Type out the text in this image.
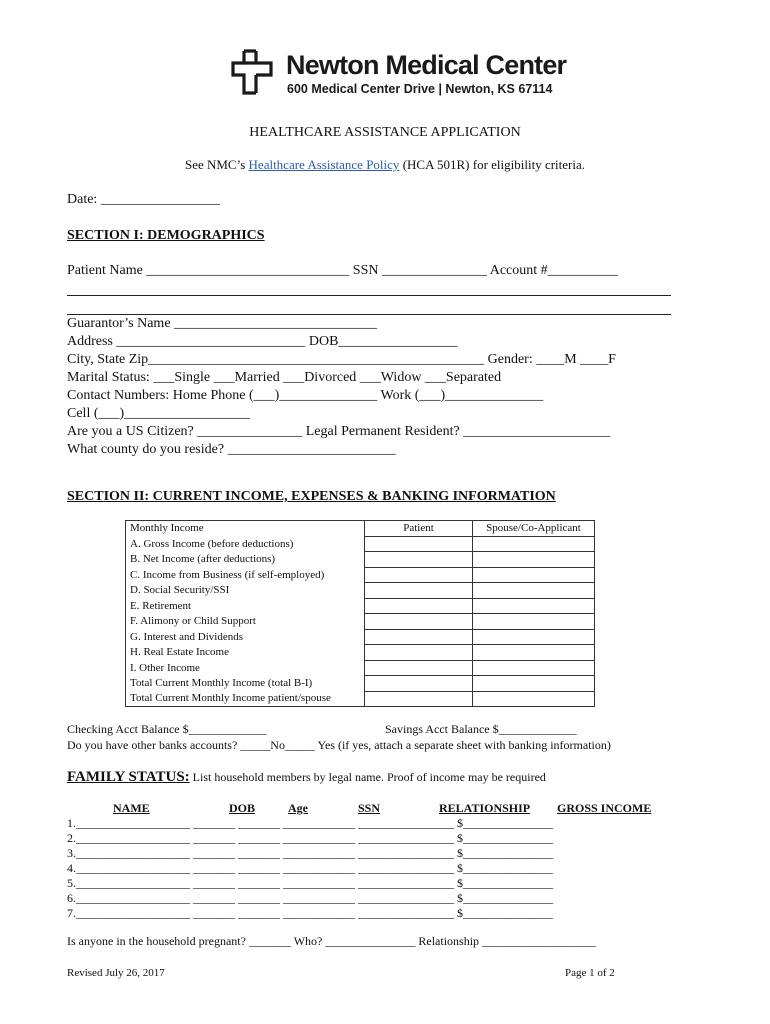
Newton Medical Center
600 Medical Center Drive | Newton, KS 67114
HEALTHCARE ASSISTANCE APPLICATION
See NMC’s Healthcare Assistance Policy (HCA 501R) for eligibility criteria.
Date: _________________
SECTION I: DEMOGRAPHICS
Patient Name _____________________________ SSN _______________ Account #__________
Guarantor’s Name _____________________________
Address ___________________________ DOB_________________
City, State Zip________________________________________________ Gender: ____M ____F
Marital Status: ___Single ___Married ___Divorced ___Widow ___Separated
Contact Numbers: Home Phone (___)______________ Work (___)______________
Cell (___)__________________
Are you a US Citizen? _______________ Legal Permanent Resident? _____________________
What county do you reside? ________________________
SECTION II: CURRENT INCOME, EXPENSES & BANKING INFORMATION
Monthly Income	Patient	Spouse/Co-Applicant
A. Gross Income (before deductions)		
B. Net Income (after deductions)		
C. Income from Business (if self-employed)		
D. Social Security/SSI		
E. Retirement		
F. Alimony or Child Support		
G. Interest and Dividends		
H. Real Estate Income		
I. Other Income		
Total Current Monthly Income (total B-I)		
Total Current Monthly Income patient/spouse		
Checking Acct Balance $_____________	Savings Acct Balance $_____________
Do you have other banks accounts? _____No_____ Yes (if yes, attach a separate sheet with banking information)
FAMILY STATUS: List household members by legal name. Proof of income may be required
NAME	DOB	Age	SSN	RELATIONSHIP GROSS INCOME
1.___________________ _______ _______ ____________ ________________ $_______________
2.___________________ _______ _______ ____________ ________________ $_______________
3.___________________ _______ _______ ____________ ________________ $_______________
4.___________________ _______ _______ ____________ ________________ $_______________
5.___________________ _______ _______ ____________ ________________ $_______________
6.___________________ _______ _______ ____________ ________________ $_______________
7.___________________ _______ _______ ____________ ________________ $_______________
Is anyone in the household pregnant? _______ Who? _______________ Relationship ___________________
Revised July 26, 2017	Page 1 of 2
